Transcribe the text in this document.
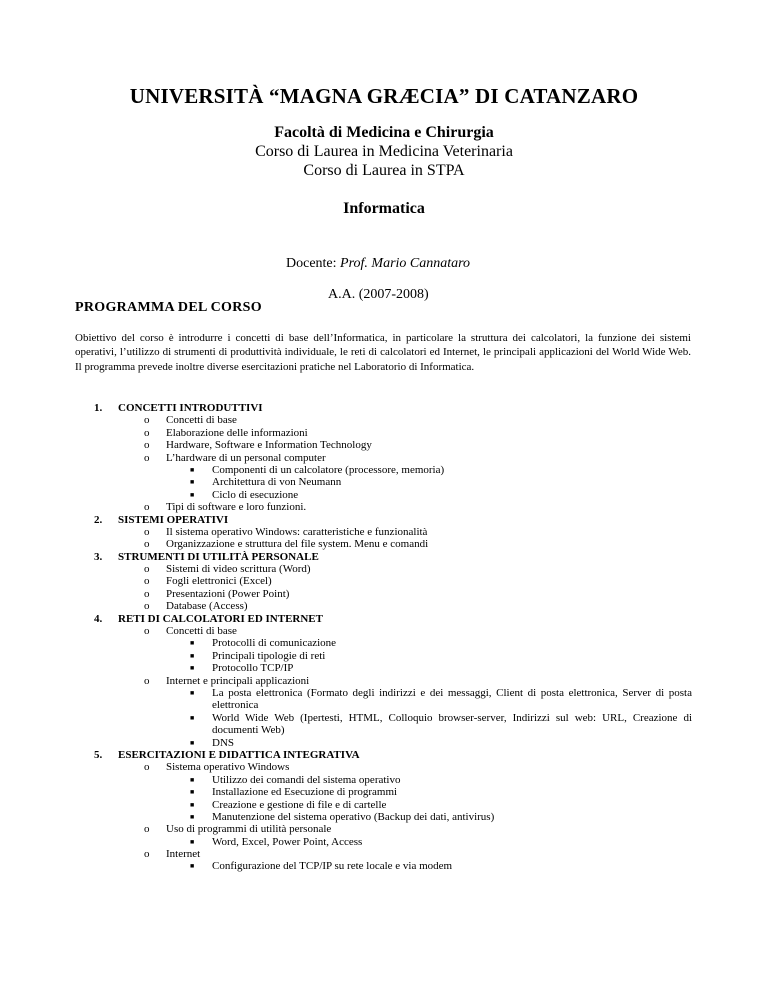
UNIVERSITÀ “MAGNA GRÆCIA” DI CATANZARO
Facoltà di Medicina e Chirurgia
Corso di Laurea in Medicina Veterinaria
Corso di Laurea in STPA
Informatica
Docente: Prof. Mario Cannataro
A.A. (2007-2008)
PROGRAMMA DEL CORSO
Obiettivo del corso è introdurre i concetti di base dell’Informatica, in particolare la struttura dei calcolatori, la funzione dei sistemi operativi, l’utilizzo di strumenti di produttività individuale, le reti di calcolatori ed Internet, le principali applicazioni del World Wide Web. Il programma prevede inoltre diverse esercitazioni pratiche nel Laboratorio di Informatica.
1. CONCETTI INTRODUTTIVI
o Concetti di base
o Elaborazione delle informazioni
o Hardware, Software e Information Technology
o L’hardware di un personal computer
■ Componenti di un calcolatore (processore, memoria)
■ Architettura di von Neumann
■ Ciclo di esecuzione
o Tipi di software e loro funzioni.
2. SISTEMI OPERATIVI
o Il sistema operativo Windows: caratteristiche e funzionalità
o Organizzazione e struttura del file system. Menu e comandi
3. STRUMENTI DI UTILITÀ PERSONALE
o Sistemi di video scrittura (Word)
o Fogli elettronici (Excel)
o Presentazioni (Power Point)
o Database (Access)
4. RETI DI CALCOLATORI ED INTERNET
o Concetti di base
■ Protocolli di comunicazione
■ Principali tipologie di reti
■ Protocollo TCP/IP
o Internet e principali applicazioni
■ La posta elettronica (Formato degli indirizzi e dei messaggi, Client di posta elettronica, Server di posta elettronica
■ World Wide Web (Ipertesti, HTML, Colloquio browser-server, Indirizzi sul web: URL, Creazione di documenti Web)
■ DNS
5. ESERCITAZIONI E DIDATTICA INTEGRATIVA
o Sistema operativo Windows
■ Utilizzo dei comandi del sistema operativo
■ Installazione ed Esecuzione di programmi
■ Creazione e gestione di file e di cartelle
■ Manutenzione del sistema operativo (Backup dei dati, antivirus)
o Uso di programmi di utilità personale
■ Word, Excel, Power Point, Access
o Internet
■ Configurazione del TCP/IP su rete locale e via modem
